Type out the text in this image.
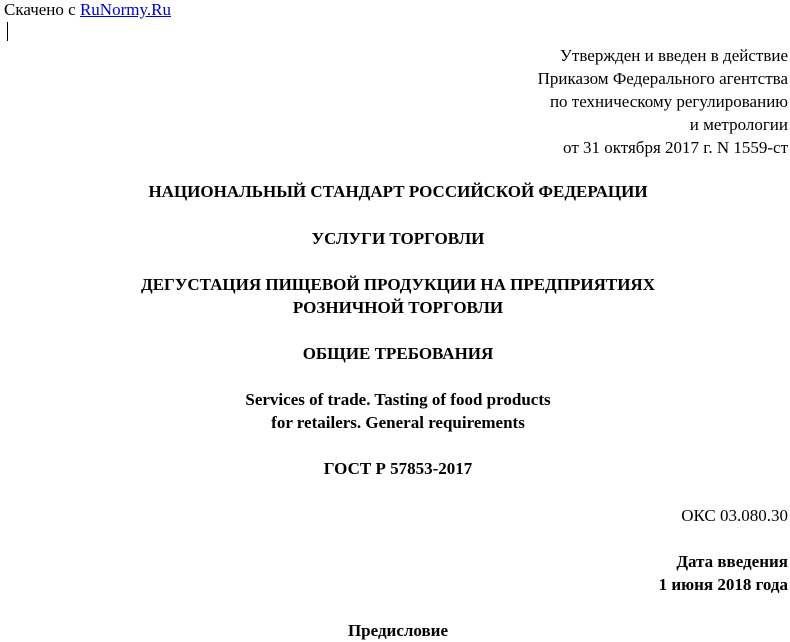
Скачено с RuNormy.Ru
Утвержден и введен в действие
Приказом Федерального агентства
по техническому регулированию
и метрологии
от 31 октября 2017 г. N 1559-ст
НАЦИОНАЛЬНЫЙ СТАНДАРТ РОССИЙСКОЙ ФЕДЕРАЦИИ
УСЛУГИ ТОРГОВЛИ
ДЕГУСТАЦИЯ ПИЩЕВОЙ ПРОДУКЦИИ НА ПРЕДПРИЯТИЯХ
РОЗНИЧНОЙ ТОРГОВЛИ
ОБЩИЕ ТРЕБОВАНИЯ
Services of trade. Tasting of food products
for retailers. General requirements
ГОСТ Р 57853-2017
ОКС 03.080.30
Дата введения
1 июня 2018 года
Предисловие
